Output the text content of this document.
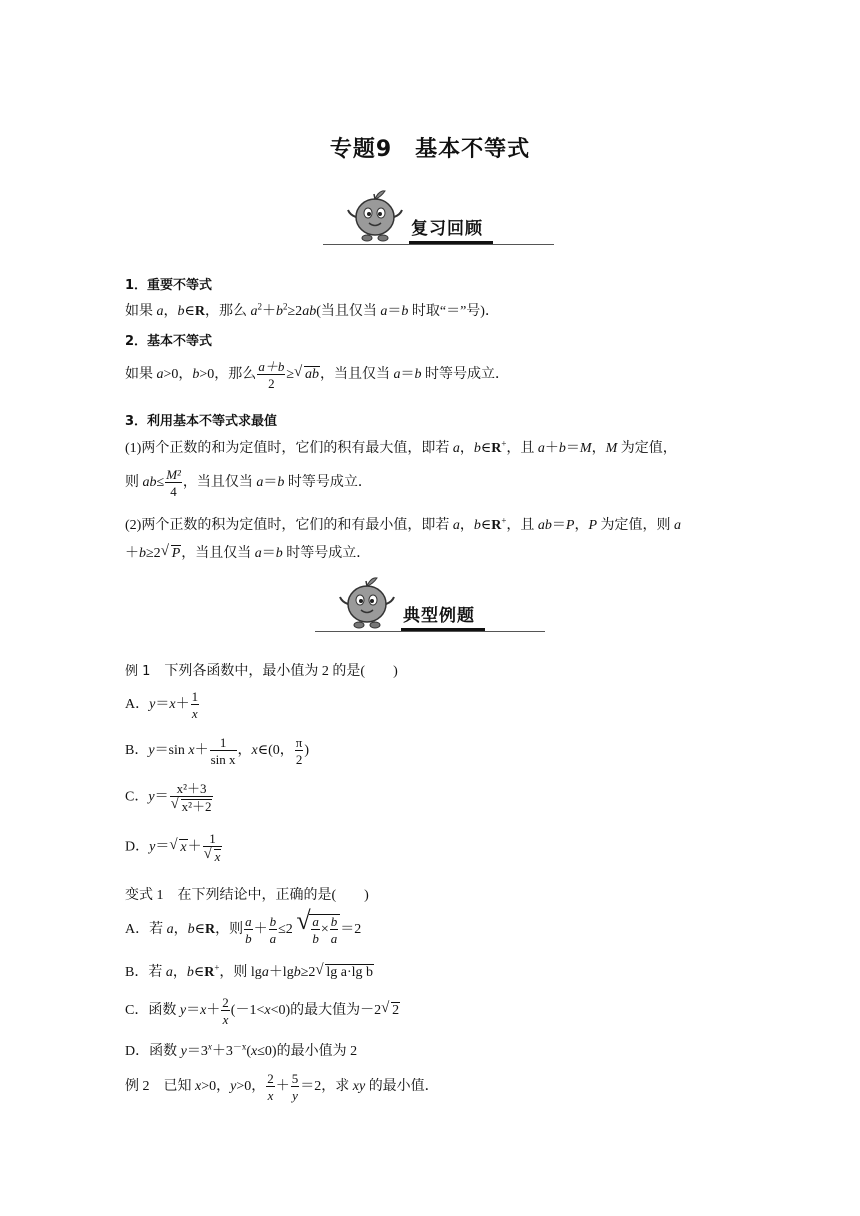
专题9　基本不等式
复习回顾
1．重要不等式
如果 a，b∈R，那么 $a^2+b^2\ge 2ab$(当且仅当 a＝b 时取“＝”号)．
2．基本不等式
如果 a>0，b>0，那么 $\frac{a+b}{2}$ ≥ √ ab，当且仅当 a＝b 时等号成立．
3．利用基本不等式求最值
(1)两个正数的和为定值时，它们的积有最大值，即若 a，b∈R+，且 a＋b＝M，M 为定值，
则 $ab\le \frac{\text{M²}}{4}$ ，当且仅当 a＝b 时等号成立．
(2)两个正数的积为定值时，它们的和有最小值，即若 a，b∈R+，且 ab＝P，P 为定值，则 a
＋b≥2 √ P，当且仅当 a＝b 时等号成立．
典型例题
例 1　下列各函数中，最小值为 2 的是(　　)
A．$y=x+ \frac{1}{x}$
B．y＝sin $x+ \frac{1}{\text{sin x}}$ ，x∈(0， $\frac{\pi}{2}$ )
C．y＝ x²＋3
√ x²＋2
D．y＝ √ x＋ 1
√ x
变式 1　在下列结论中，正确的是(　　)
A．若 a，b∈R，则 $\frac{a}{b} + \frac{b}{a} \le 2$ √ $\frac{a}{b} \times \frac{b}{a} =2$
B．若 a，b∈R+，则 lga＋lgb≥2 √ lg a·lg b
C．函数 $y=x+ \frac{2}{x} (-1<x<0)$的最大值为－2 √ 2
D．函数 $y=3^x+3^{-x}(x\le 0)$的最小值为 2
例 2　已知 x>0，y>0， $\frac{2}{x} + \frac{5}{y} =2$，求 xy 的最小值．
